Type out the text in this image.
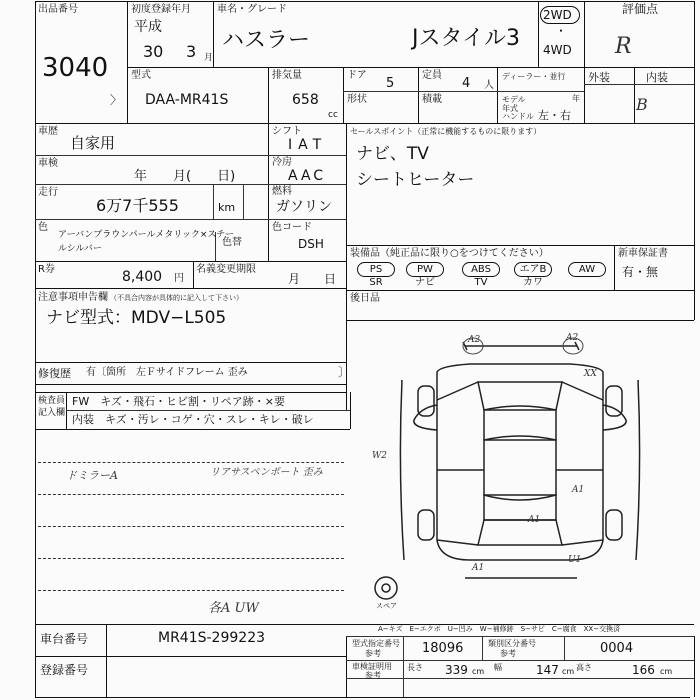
出品番号
3040
〉
初度登録年月
平成
30 3 月
車名・グレード
ハスラー	Jスタイル3
2WD
・
4WD
評価点
R
外装	内装
B
型式
DAA-MR41S
排気量
658
cc
ドア
5
定員
4 人
形状	積載
ディーラー・並行
モデル 年式
年
ハンドル 左・右
車歴
自家用
シフト
IAT
車検
年　　月(　　日)
冷房
AAC
走行
6万7千555	km
燃料
ガソリン
色
アーバンブラウンパールメタリック×スチー
ルシルバー
色替
色コード
DSH
R券	8,400 円
名義変更期限
月　　日
セールスポイント（正常に機能するものに限ります）
ナビ、TV
シートヒーター
装備品（純正品に限り○をつけてください）	新車保証書
有・無
PS
SR
PW
ナビ
ABS
TV
エアB
カワ
AW
後日品
注意事項申告欄 （不具合内容が具体的に記入して下さい）
ナビ型式：MDV−L505
修復歴 有〔箇所　左Ｆサイドフレーム 歪み	〕
検査員
記入欄
FW　キズ・飛石・ヒビ割・リペア跡・×要
内装　キズ・汚レ・コゲ・穴・スレ・キレ・破レ
ドミラーA	リアサスペンポート 歪み
各A UW
A2	A2
XX
W2
A1
A1
A1
U1
スペア
A−キズ　E−エクボ　U−凹み　W−補修跡　S−サビ　C−腐食　XX−交換済
車台番号	MR41S-299223
登録番号
型式指定番号
参考	18096	類別区分番号
参考	0004
車検証明用
参考
長さ 339 cm 幅	147 cm 高さ	166 cm
